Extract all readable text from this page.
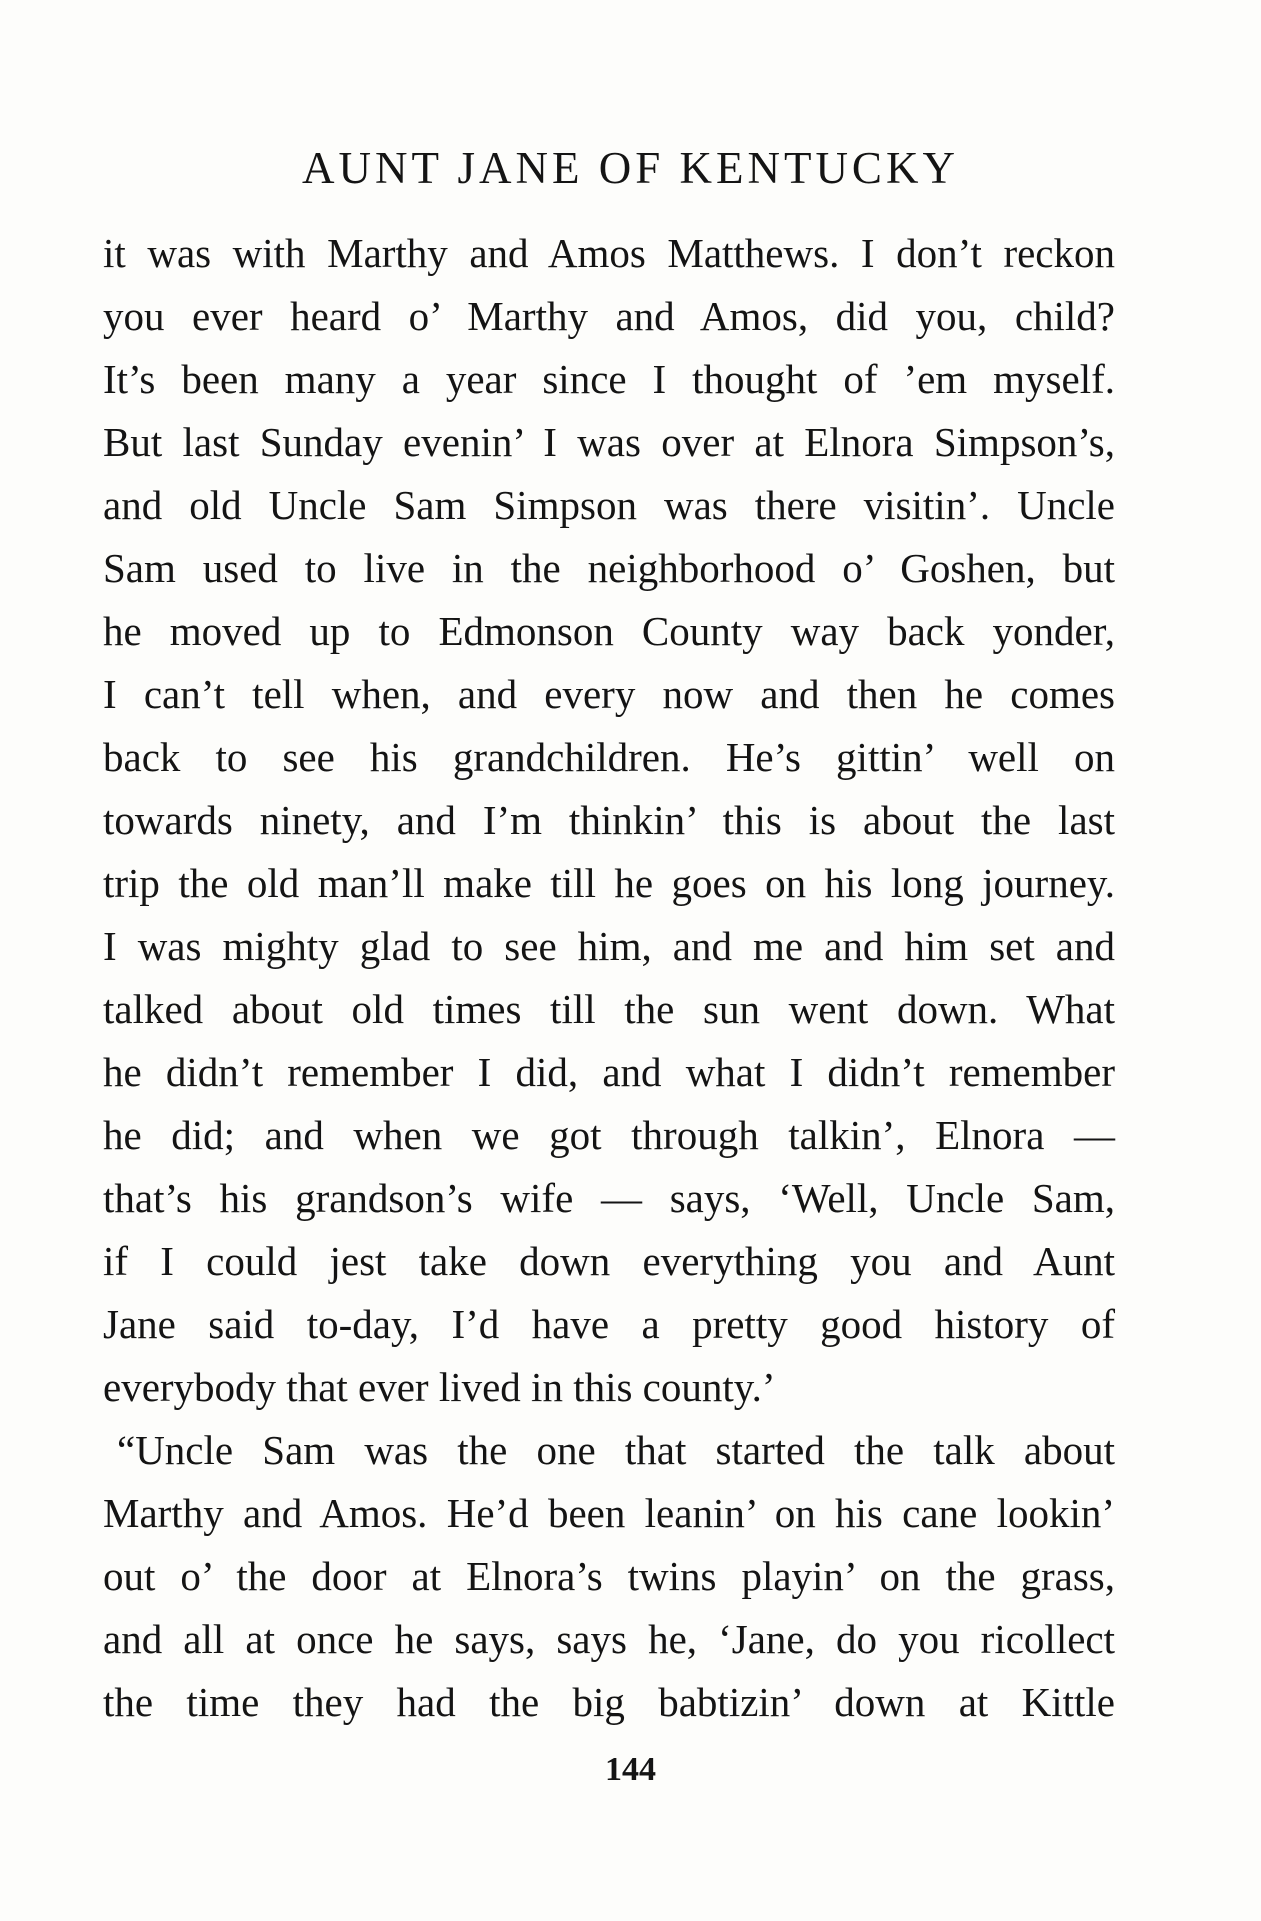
AUNT JANE OF KENTUCKY
it was with Marthy and Amos Matthews. I don’t reckon
you ever heard o’ Marthy and Amos, did you, child?
It’s been many a year since I thought of ’em myself.
But last Sunday evenin’ I was over at Elnora Simpson’s,
and old Uncle Sam Simpson was there visitin’. Uncle
Sam used to live in the neighborhood o’ Goshen, but
he moved up to Edmonson County way back yonder,
I can’t tell when, and every now and then he comes
back to see his grandchildren. He’s gittin’ well on
towards ninety, and I’m thinkin’ this is about the last
trip the old man’ll make till he goes on his long journey.
I was mighty glad to see him, and me and him set and
talked about old times till the sun went down. What
he didn’t remember I did, and what I didn’t remember
he did; and when we got through talkin’, Elnora —
that’s his grandson’s wife — says, ‘Well, Uncle Sam,
if I could jest take down everything you and Aunt
Jane said to-day, I’d have a pretty good history of
everybody that ever lived in this county.’
“Uncle Sam was the one that started the talk about
Marthy and Amos. He’d been leanin’ on his cane lookin’
out o’ the door at Elnora’s twins playin’ on the grass,
and all at once he says, says he, ‘Jane, do you ricollect
the time they had the big babtizin’ down at Kittle
144
